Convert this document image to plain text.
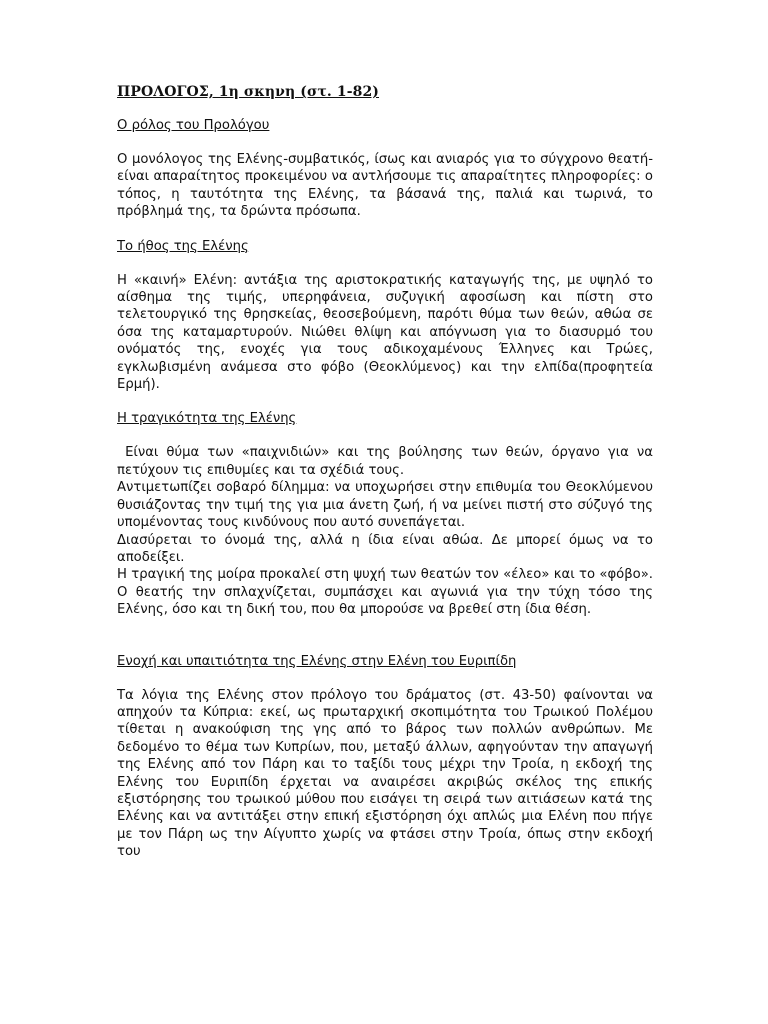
ΠΡΟΛΟΓΟΣ, 1η σκηνη (στ. 1-82)
Ο ρόλος του Προλόγου

Ο μονόλογος της Ελένης-συμβατικός, ίσως και ανιαρός για το σύγχρονο θεατή- είναι απαραίτητος προκειμένου να αντλήσουμε τις απαραίτητες πληροφορίες: ο τόπος, η ταυτότητα της Ελένης, τα βάσανά της, παλιά και τωρινά, το πρόβλημά της, τα δρώντα πρόσωπα.

Το ήθος της Ελένης

Η «καινή» Ελένη: αντάξια της αριστοκρατικής καταγωγής της, με υψηλό το αίσθημα της τιμής, υπερηφάνεια, συζυγική αφοσίωση και πίστη στο τελετουργικό της θρησκείας, θεοσεβούμενη, παρότι θύμα των θεών, αθώα σε όσα της καταμαρτυρούν. Νιώθει θλίψη και απόγνωση για το διασυρμό του ονόματός της, ενοχές για τους αδικοχαμένους Έλληνες και Τρώες, εγκλωβισμένη ανάμεσα στο φόβο (Θεοκλύμενος) και την ελπίδα(προφητεία Ερμή).

Η τραγικότητα της Ελένης

Είναι θύμα των «παιχνιδιών» και της βούλησης των θεών, όργανο για να πετύχουν τις επιθυμίες και τα σχέδιά τους.

Αντιμετωπίζει σοβαρό δίλημμα: να υποχωρήσει στην επιθυμία του Θεοκλύμενου θυσιάζοντας την τιμή της για μια άνετη ζωή, ή να μείνει πιστή στο σύζυγό της υπομένοντας τους κινδύνους που αυτό συνεπάγεται.

Διασύρεται το όνομά της, αλλά η ίδια είναι αθώα. Δε μπορεί όμως να το αποδείξει.

Η τραγική της μοίρα προκαλεί στη ψυχή των θεατών τον «έλεο» και το «φόβο». Ο θεατής την σπλαχνίζεται, συμπάσχει και αγωνιά για την τύχη τόσο της Ελένης, όσο και τη δική του, που θα μπορούσε να βρεθεί στη ίδια θέση.

Ενοχή και υπαιτιότητα της Ελένης στην Ελένη του Ευριπίδη

Τα λόγια της Ελένης στον πρόλογο του δράματος (στ. 43-50) φαίνονται να απηχούν τα Κύπρια: εκεί, ως πρωταρχική σκοπιμότητα του Τρωικού Πολέμου τίθεται η ανακούφιση της γης από το βάρος των πολλών ανθρώπων. Με δεδομένο το θέμα των Κυπρίων, που, μεταξύ άλλων, αφηγούνταν την απαγωγή της Ελένης από τον Πάρη και το ταξίδι τους μέχρι την Τροία, η εκδοχή της Ελένης του Ευριπίδη έρχεται να αναιρέσει ακριβώς σκέλος της επικής εξιστόρησης του τρωικού μύθου που εισάγει τη σειρά των αιτιάσεων κατά της Ελένης και να αντιτάξει στην επική εξιστόρηση όχι απλώς μια Ελένη που πήγε με τον Πάρη ως την Αίγυπτο χωρίς να φτάσει στην Τροία, όπως στην εκδοχή του
